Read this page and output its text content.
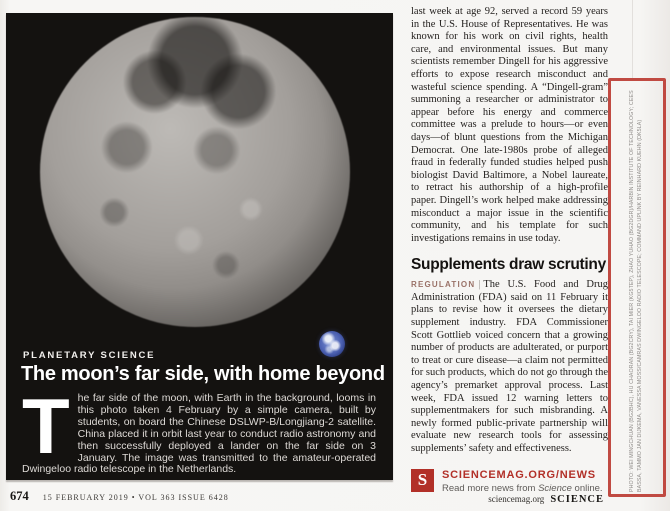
PLANETARY SCIENCE
The moon’s far side, with home beyond
The far side of the moon, with Earth in the background, looms in this photo taken 4 February by a simple camera, built by students, on board the Chinese DSLWP-B/Longjiang-2 satellite. China placed it in orbit last year to conduct radio astronomy and then successfully deployed a lander on the far side on 3 January. The image was transmitted to the amateur-operated Dwingeloo radio telescope in the Netherlands.

last week at age 92, served a record 59 years in the U.S. House of Representatives. He was known for his work on civil rights, health care, and environmental issues. But many scientists remember Dingell for his aggressive efforts to expose research misconduct and wasteful science spending. A “Dingell-gram” summoning a researcher or administrator to appear before his energy and commerce committee was a prelude to hours—or even days—of blunt questions from the Michigan Democrat. One late-1980s probe of alleged fraud in federally funded studies helped push biologist David Baltimore, a Nobel laureate, to retract his authorship of a high-profile paper. Dingell’s work helped make addressing misconduct a major issue in the scientific community, and his template for such investigations remains in use today.

Supplements draw scrutiny

REGULATION | The U.S. Food and Drug Administration (FDA) said on 11 February it plans to revise how it oversees the dietary supplement industry. FDA Commissioner Scott Gottlieb voiced concern that a growing number of products are adulterated, or purport to treat or cure disease—a claim not permitted for such products, which do not go through the agency’s premarket approval process. Last week, FDA issued 12 warning letters to supplementmakers for such misbranding. A newly formed public-private partnership will evaluate new research tools for assessing supplements’ safety and effectiveness.

S	SCIENCEMAG.ORG/NEWS
Read more news from Science online.	PHOTO: WEI MINGCHUAN (BG2BHC), HU CHAORAN (BG2CRY), TAI MIER (KG5TEP), ZHAO YUHAO (BG2DGR)/HARBIN INSTITUTE OF TECHNOLOGY; CEES BASSA, TAMMO JAN DIJKEMA, VANESSA MOSS/CAMRAS DWINGELOO RADIO TELESCOPE; COMMAND UPLINK BY REINHARD KUEHN (DK5LA)
674 15 FEBRUARY 2019 • VOL 363 ISSUE 6428	sciencemag.org SCIENCE
